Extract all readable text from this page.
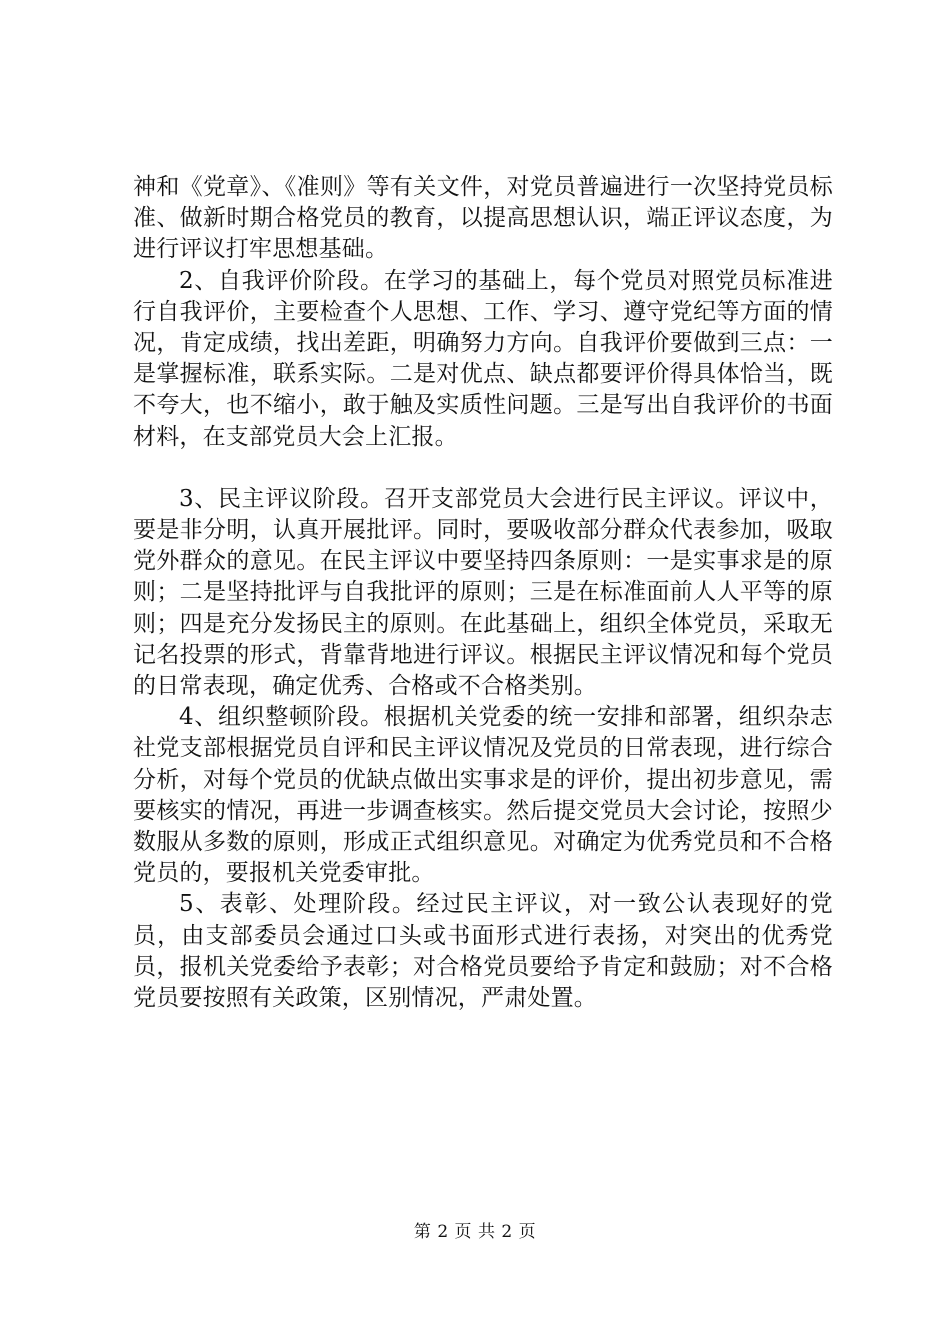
神和《党章》、《准则》等有关文件，对党员普遍进行一次坚持党员标准、做新时期合格党员的教育，以提高思想认识，端正评议态度，为进行评议打牢思想基础。

2、自我评价阶段。在学习的基础上，每个党员对照党员标准进行自我评价，主要检查个人思想、工作、学习、遵守党纪等方面的情况，肯定成绩，找出差距，明确努力方向。自我评价要做到三点：一是掌握标准，联系实际。二是对优点、缺点都要评价得具体恰当，既不夸大，也不缩小，敢于触及实质性问题。三是写出自我评价的书面材料，在支部党员大会上汇报。

3、民主评议阶段。召开支部党员大会进行民主评议。评议中，要是非分明，认真开展批评。同时，要吸收部分群众代表参加，吸取党外群众的意见。在民主评议中要坚持四条原则：一是实事求是的原则；二是坚持批评与自我批评的原则；三是在标准面前人人平等的原则；四是充分发扬民主的原则。在此基础上，组织全体党员，采取无记名投票的形式，背靠背地进行评议。根据民主评议情况和每个党员的日常表现，确定优秀、合格或不合格类别。

4、组织整顿阶段。根据机关党委的统一安排和部署，组织杂志社党支部根据党员自评和民主评议情况及党员的日常表现，进行综合分析，对每个党员的优缺点做出实事求是的评价，提出初步意见，需要核实的情况，再进一步调查核实。然后提交党员大会讨论，按照少数服从多数的原则，形成正式组织意见。对确定为优秀党员和不合格党员的，要报机关党委审批。

5、表彰、处理阶段。经过民主评议，对一致公认表现好的党员，由支部委员会通过口头或书面形式进行表扬，对突出的优秀党员，报机关党委给予表彰；对合格党员要给予肯定和鼓励；对不合格党员要按照有关政策，区别情况，严肃处置。

第 2 页 共 2 页
